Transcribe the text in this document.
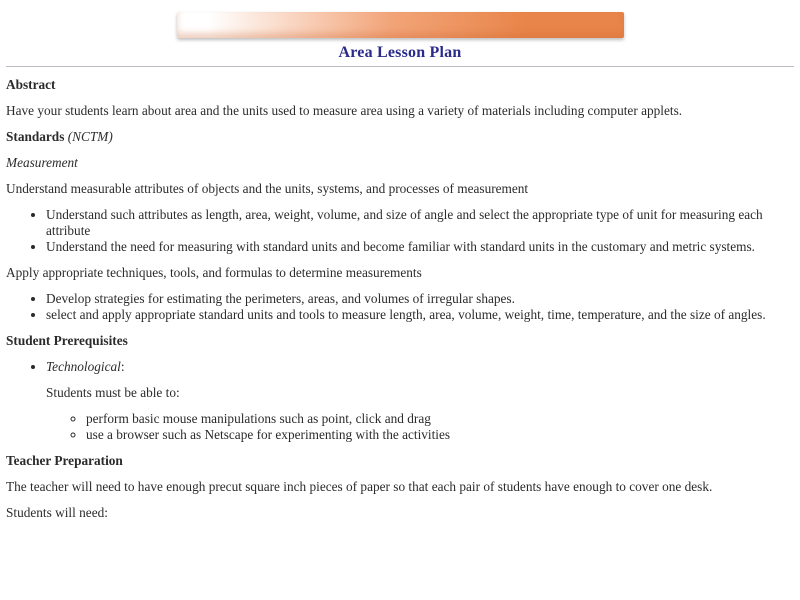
Area Lesson Plan

Abstract

Have your students learn about area and the units used to measure area using a variety of materials including computer applets.

Standards (NCTM)

Measurement

Understand measurable attributes of objects and the units, systems, and processes of measurement

• Understand such attributes as length, area, weight, volume, and size of angle and select the appropriate type of unit for measuring each attribute
• Understand the need for measuring with standard units and become familiar with standard units in the customary and metric systems.

Apply appropriate techniques, tools, and formulas to determine measurements

• Develop strategies for estimating the perimeters, areas, and volumes of irregular shapes.
• select and apply appropriate standard units and tools to measure length, area, volume, weight, time, temperature, and the size of angles.

Student Prerequisites

• Technological:

Students must be able to:

◦ perform basic mouse manipulations such as point, click and drag
◦ use a browser such as Netscape for experimenting with the activities

Teacher Preparation

The teacher will need to have enough precut square inch pieces of paper so that each pair of students have enough to cover one desk.

Students will need:
